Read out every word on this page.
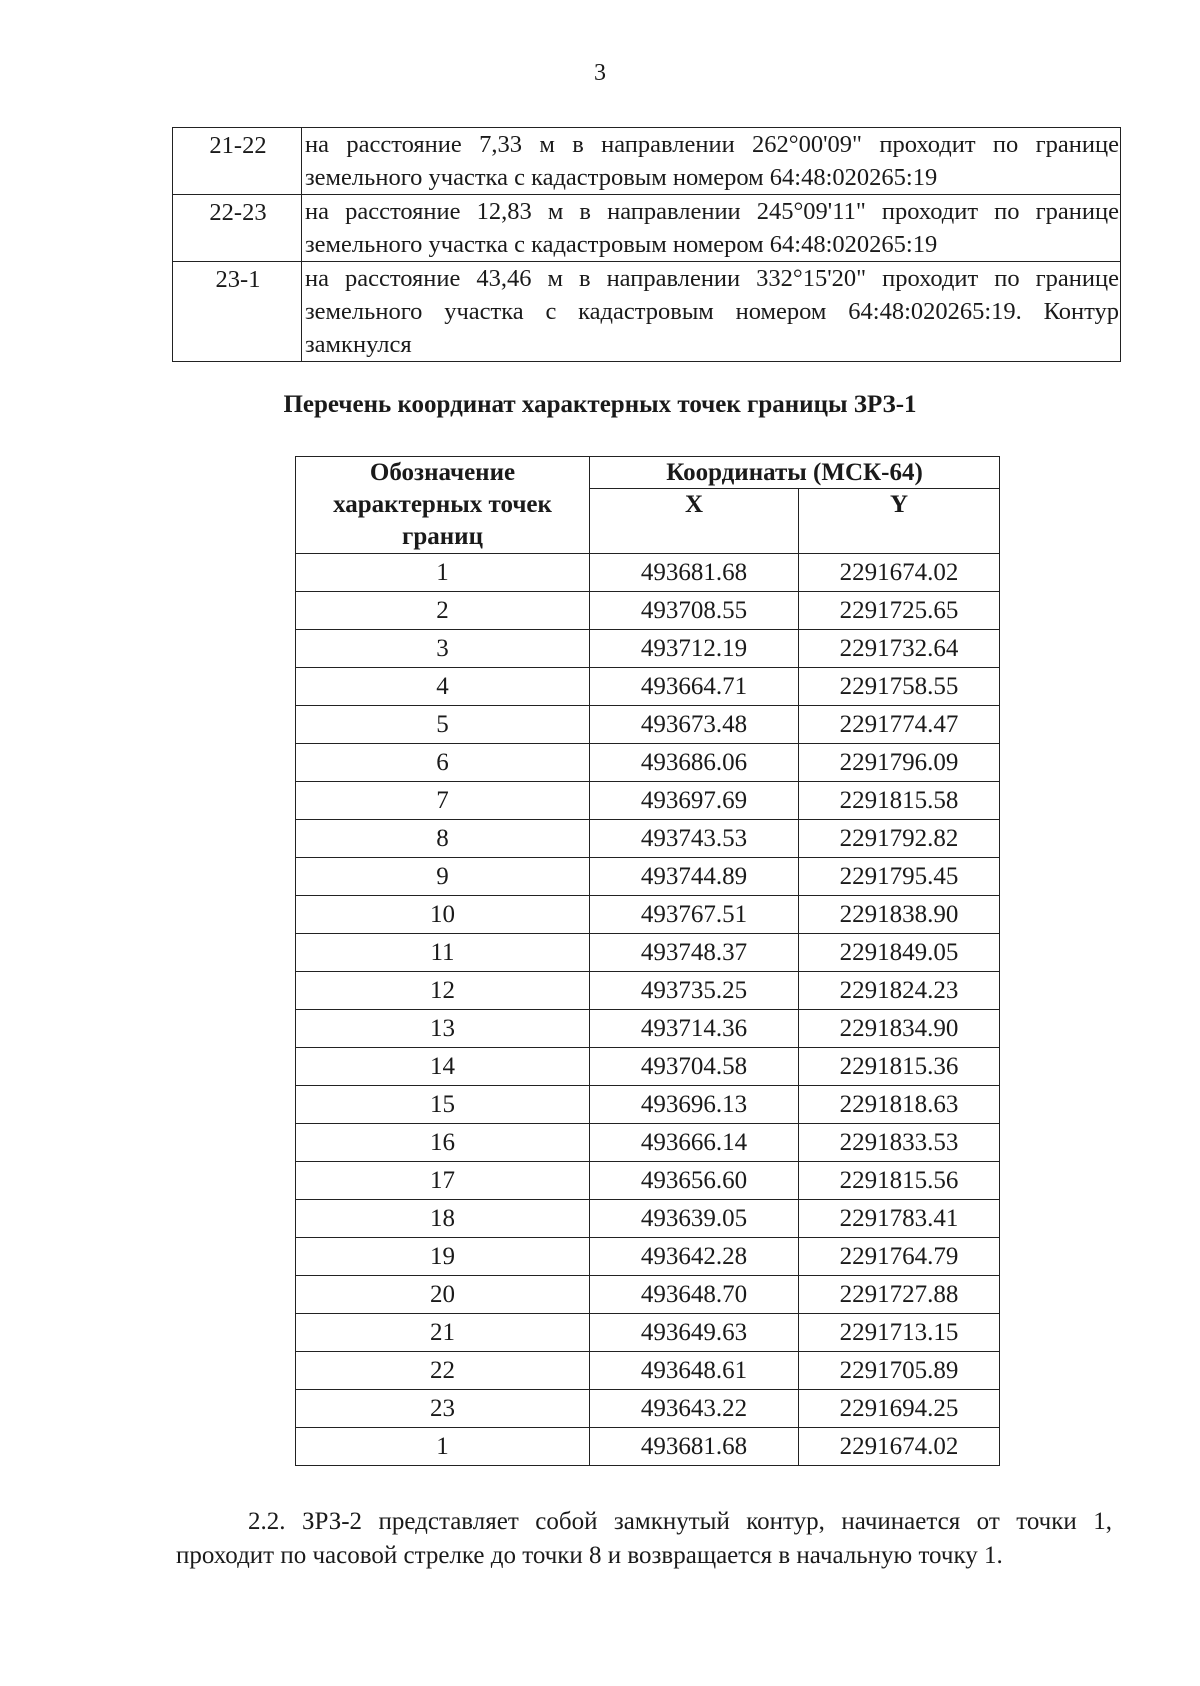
3
21-22	на расстояние 7,33 м в направлении 262°00'09" проходит по границе земельного участка с кадастровым номером 64:48:020265:19
22-23	на расстояние 12,83 м в направлении 245°09'11" проходит по границе земельного участка с кадастровым номером 64:48:020265:19
23-1	на расстояние 43,46 м в направлении 332°15'20" проходит по границе земельного участка с кадастровым номером 64:48:020265:19. Контур замкнулся
Перечень координат характерных точек границы ЗРЗ-1
Обозначение характерных точек границ	Координаты (МСК-64)	
	X	Y
1	493681.68	2291674.02
2	493708.55	2291725.65
3	493712.19	2291732.64
4	493664.71	2291758.55
5	493673.48	2291774.47
6	493686.06	2291796.09
7	493697.69	2291815.58
8	493743.53	2291792.82
9	493744.89	2291795.45
10	493767.51	2291838.90
11	493748.37	2291849.05
12	493735.25	2291824.23
13	493714.36	2291834.90
14	493704.58	2291815.36
15	493696.13	2291818.63
16	493666.14	2291833.53
17	493656.60	2291815.56
18	493639.05	2291783.41
19	493642.28	2291764.79
20	493648.70	2291727.88
21	493649.63	2291713.15
22	493648.61	2291705.89
23	493643.22	2291694.25
1	493681.68	2291674.02
2.2. ЗРЗ-2 представляет собой замкнутый контур, начинается от точки 1, проходит по часовой стрелке до точки 8 и возвращается в начальную точку 1.
